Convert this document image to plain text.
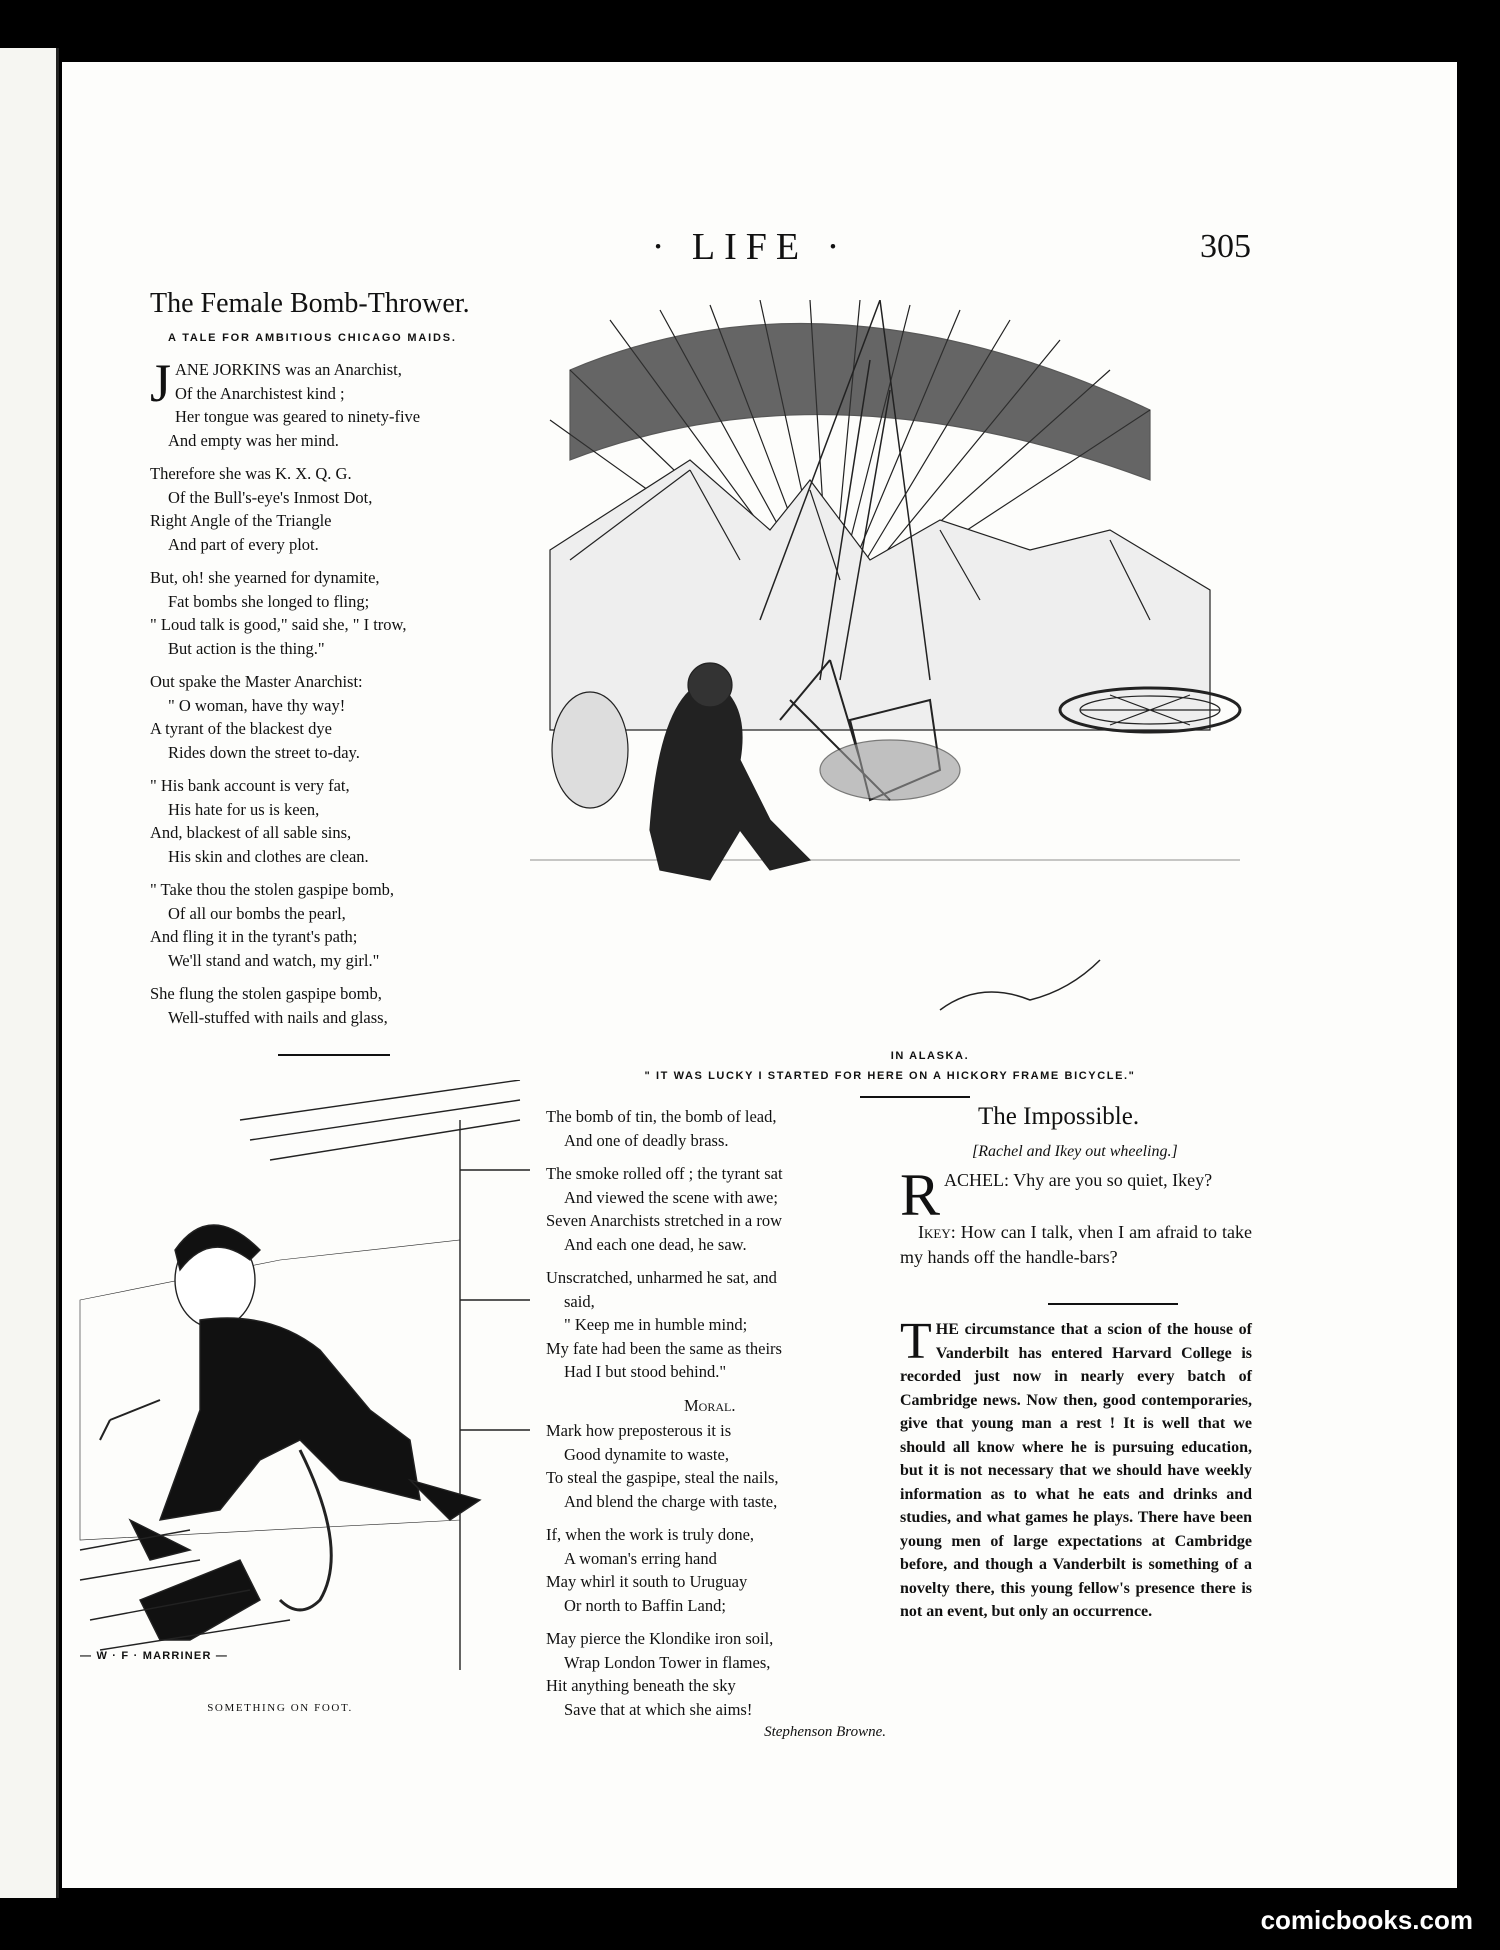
· LIFE ·	305
The Female Bomb-Thrower.
A TALE FOR AMBITIOUS CHICAGO MAIDS.
J ANE JORKINS was an Anarchist,
Of the Anarchistest kind ;
Her tongue was geared to ninety-five
And empty was her mind.
Therefore she was K. X. Q. G.
Of the Bull's-eye's Inmost Dot,
Right Angle of the Triangle
And part of every plot.
But, oh! she yearned for dynamite,
Fat bombs she longed to fling;
" Loud talk is good," said she, " I trow,
But action is the thing."
Out spake the Master Anarchist:
" O woman, have thy way!
A tyrant of the blackest dye
Rides down the street to-day.
" His bank account is very fat,
His hate for us is keen,
And, blackest of all sable sins,
His skin and clothes are clean.
" Take thou the stolen gaspipe bomb,
Of all our bombs the pearl,
And fling it in the tyrant's path;
We'll stand and watch, my girl."
She flung the stolen gaspipe bomb,
Well-stuffed with nails and glass,
IN ALASKA.
" IT WAS LUCKY I STARTED FOR HERE ON A HICKORY FRAME BICYCLE."
— W · F · MARRINER —
SOMETHING ON FOOT.
The bomb of tin, the bomb of lead,
And one of deadly brass.
The smoke rolled off ; the tyrant sat
And viewed the scene with awe;
Seven Anarchists stretched in a row
And each one dead, he saw.
Unscratched, unharmed he sat, and
said,
" Keep me in humble mind;
My fate had been the same as theirs
Had I but stood behind."
Moral.
Mark how preposterous it is
Good dynamite to waste,
To steal the gaspipe, steal the nails,
And blend the charge with taste,
If, when the work is truly done,
A woman's erring hand
May whirl it south to Uruguay
Or north to Baffin Land;
May pierce the Klondike iron soil,
Wrap London Tower in flames,
Hit anything beneath the sky
Save that at which she aims!
Stephenson Browne.
The Impossible.
[Rachel and Ikey out wheeling.]
R ACHEL: Vhy are you so quiet, Ikey?
Ikey: How can I talk, vhen I am afraid to take my hands off the handle-bars?
T HE circumstance that a scion of the house of Vanderbilt has entered Harvard College is recorded just now in nearly every batch of Cambridge news. Now then, good contemporaries, give that young man a rest ! It is well that we should all know where he is pursuing education, but it is not necessary that we should have weekly information as to what he eats and drinks and studies, and what games he plays. There have been young men of large expectations at Cambridge before, and though a Vanderbilt is something of a novelty there, this young fellow's presence there is not an event, but only an occurrence.
comicbooks.com
